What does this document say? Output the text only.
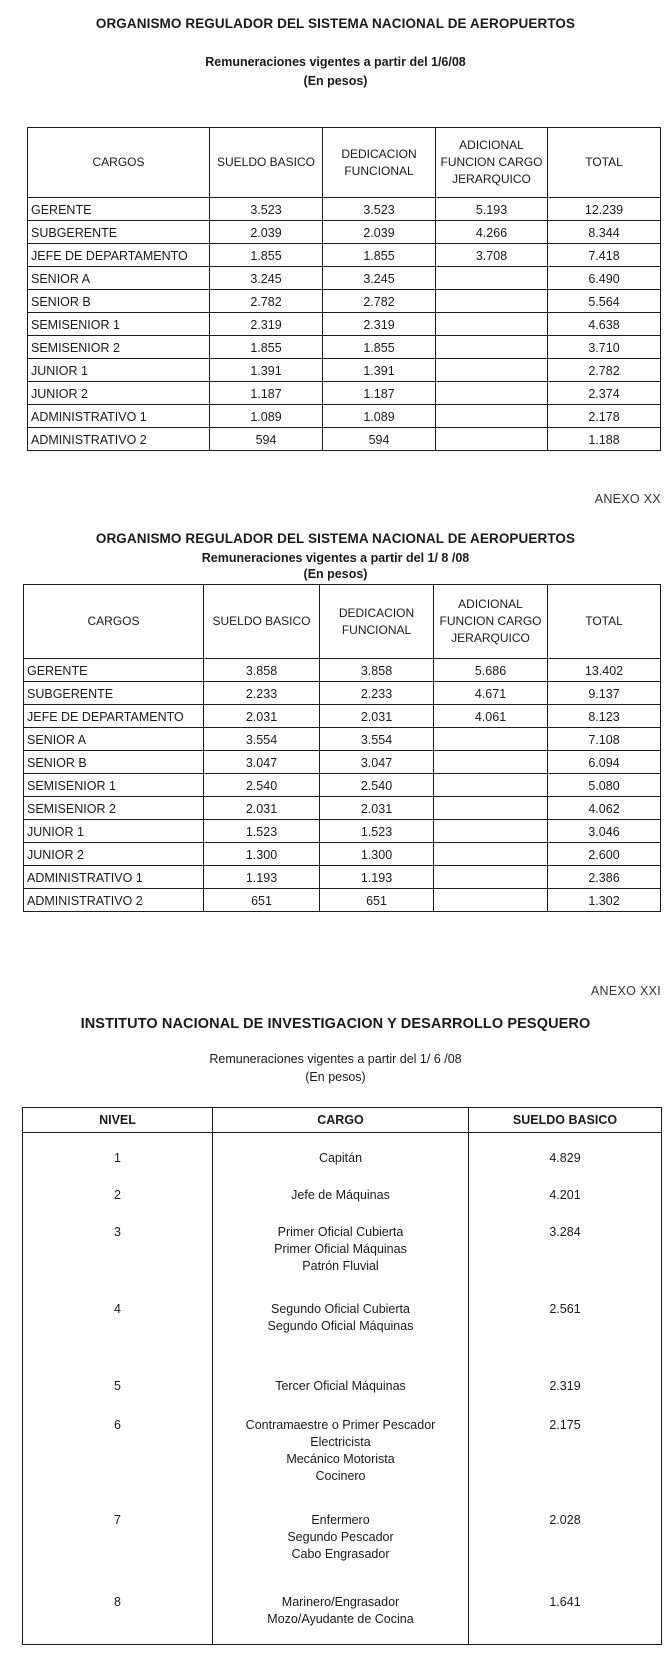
ORGANISMO REGULADOR DEL SISTEMA NACIONAL DE AEROPUERTOS
Remuneraciones vigentes a partir del 1/6/08
(En pesos)
CARGOS	SUELDO BASICO	DEDICACION FUNCIONAL	ADICIONAL FUNCION CARGO JERARQUICO	TOTAL
GERENTE	3.523	3.523	5.193	12.239
SUBGERENTE	2.039	2.039	4.266	8.344
JEFE DE DEPARTAMENTO	1.855	1.855	3.708	7.418
SENIOR A	3.245	3.245		6.490
SENIOR B	2.782	2.782		5.564
SEMISENIOR 1	2.319	2.319		4.638
SEMISENIOR 2	1.855	1.855		3.710
JUNIOR 1	1.391	1.391		2.782
JUNIOR 2	1.187	1.187		2.374
ADMINISTRATIVO 1	1.089	1.089		2.178
ADMINISTRATIVO 2	594	594		1.188
ANEXO XX
ORGANISMO REGULADOR DEL SISTEMA NACIONAL DE AEROPUERTOS
Remuneraciones vigentes a partir del 1/ 8 /08
(En pesos)
CARGOS	SUELDO BASICO	DEDICACION FUNCIONAL	ADICIONAL FUNCION CARGO JERARQUICO	TOTAL
GERENTE	3.858	3.858	5.686	13.402
SUBGERENTE	2.233	2.233	4.671	9.137
JEFE DE DEPARTAMENTO	2.031	2.031	4.061	8.123
SENIOR A	3.554	3.554		7.108
SENIOR B	3.047	3.047		6.094
SEMISENIOR 1	2.540	2.540		5.080
SEMISENIOR 2	2.031	2.031		4.062
JUNIOR 1	1.523	1.523		3.046
JUNIOR 2	1.300	1.300		2.600
ADMINISTRATIVO 1	1.193	1.193		2.386
ADMINISTRATIVO 2	651	651		1.302
ANEXO XXI
INSTITUTO NACIONAL DE INVESTIGACION Y DESARROLLO PESQUERO
Remuneraciones vigentes a partir del 1/ 6 /08
(En pesos)
NIVEL	CARGO	SUELDO BASICO
1	Capitán	4.829
2	Jefe de Máquinas	4.201
3	Primer Oficial Cubierta
Primer Oficial Máquinas
Patrón Fluvial	3.284
4	Segundo Oficial Cubierta
Segundo Oficial Máquinas	2.561
5	Tercer Oficial Máquinas	2.319
6	Contramaestre o Primer Pescador
Electricista
Mecánico Motorista
Cocinero	2.175
7	Enfermero
Segundo Pescador
Cabo Engrasador	2.028
8	Marinero/Engrasador
Mozo/Ayudante de Cocina	1.641
